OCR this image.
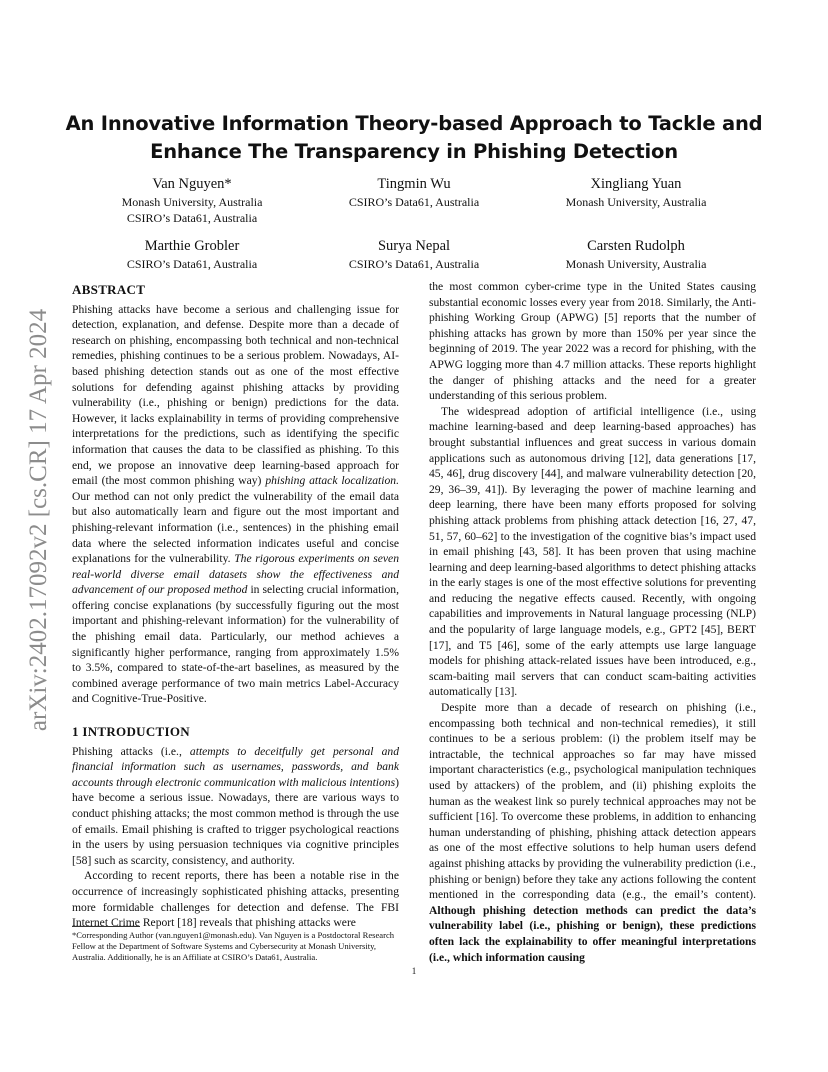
An Innovative Information Theory-based Approach to Tackle and Enhance The Transparency in Phishing Detection
Van Nguyen*
Monash University, Australia
CSIRO’s Data61, Australia
Tingmin Wu
CSIRO’s Data61, Australia
Xingliang Yuan
Monash University, Australia
Marthie Grobler
CSIRO’s Data61, Australia
Surya Nepal
CSIRO’s Data61, Australia
Carsten Rudolph
Monash University, Australia
arXiv:2402.17092v2 [cs.CR] 17 Apr 2024
ABSTRACT

Phishing attacks have become a serious and challenging issue for detection, explanation, and defense. Despite more than a decade of research on phishing, encompassing both technical and non-technical remedies, phishing continues to be a serious problem. Nowadays, AI-based phishing detection stands out as one of the most effective solutions for defending against phishing attacks by providing vulnerability (i.e., phishing or benign) predictions for the data. However, it lacks explainability in terms of providing comprehensive interpretations for the predictions, such as identifying the specific information that causes the data to be classified as phishing. To this end, we propose an innovative deep learning-based approach for email (the most common phishing way) phishing attack localization. Our method can not only predict the vulnerability of the email data but also automatically learn and figure out the most important and phishing-relevant information (i.e., sentences) in the phishing email data where the selected information indicates useful and concise explanations for the vulnerability. The rigorous experiments on seven real-world diverse email datasets show the effectiveness and advancement of our proposed method in selecting crucial information, offering concise explanations (by successfully figuring out the most important and phishing-relevant information) for the vulnerability of the phishing email data. Particularly, our method achieves a significantly higher performance, ranging from approximately 1.5% to 3.5%, compared to state-of-the-art baselines, as measured by the combined average performance of two main metrics Label-Accuracy and Cognitive-True-Positive.

1 INTRODUCTION

Phishing attacks (i.e., attempts to deceitfully get personal and financial information such as usernames, passwords, and bank accounts through electronic communication with malicious intentions) have become a serious issue. Nowadays, there are various ways to conduct phishing attacks; the most common method is through the use of emails. Email phishing is crafted to trigger psychological reactions in the users by using persuasion techniques via cognitive principles [58] such as scarcity, consistency, and authority.

According to recent reports, there has been a notable rise in the occurrence of increasingly sophisticated phishing attacks, presenting more formidable challenges for detection and defense. The FBI Internet Crime Report [18] reveals that phishing attacks were

the most common cyber-crime type in the United States causing substantial economic losses every year from 2018. Similarly, the Anti-phishing Working Group (APWG) [5] reports that the number of phishing attacks has grown by more than 150% per year since the beginning of 2019. The year 2022 was a record for phishing, with the APWG logging more than 4.7 million attacks. These reports highlight the danger of phishing attacks and the need for a greater understanding of this serious problem.

The widespread adoption of artificial intelligence (i.e., using machine learning-based and deep learning-based approaches) has brought substantial influences and great success in various domain applications such as autonomous driving [12], data generations [17, 45, 46], drug discovery [44], and malware vulnerability detection [20, 29, 36–39, 41]). By leveraging the power of machine learning and deep learning, there have been many efforts proposed for solving phishing attack problems from phishing attack detection [16, 27, 47, 51, 57, 60–62] to the investigation of the cognitive bias’s impact used in email phishing [43, 58]. It has been proven that using machine learning and deep learning-based algorithms to detect phishing attacks in the early stages is one of the most effective solutions for preventing and reducing the negative effects caused. Recently, with ongoing capabilities and improvements in Natural language processing (NLP) and the popularity of large language models, e.g., GPT2 [45], BERT [17], and T5 [46], some of the early attempts use large language models for phishing attack-related issues have been introduced, e.g., scam-baiting mail servers that can conduct scam-baiting activities automatically [13].

Despite more than a decade of research on phishing (i.e., encompassing both technical and non-technical remedies), it still continues to be a serious problem: (i) the problem itself may be intractable, the technical approaches so far may have missed important characteristics (e.g., psychological manipulation techniques used by attackers) of the problem, and (ii) phishing exploits the human as the weakest link so purely technical approaches may not be sufficient [16]. To overcome these problems, in addition to enhancing human understanding of phishing, phishing attack detection appears as one of the most effective solutions to help human users defend against phishing attacks by providing the vulnerability prediction (i.e., phishing or benign) before they take any actions following the content mentioned in the corresponding data (e.g., the email’s content). Although phishing detection methods can predict the data’s vulnerability label (i.e., phishing or benign), these predictions often lack the explainability to offer meaningful interpretations (i.e., which information causing

*Corresponding Author (van.nguyen1@monash.edu). Van Nguyen is a Postdoctoral Research Fellow at the Department of Software Systems and Cybersecurity at Monash University, Australia. Additionally, he is an Affiliate at CSIRO’s Data61, Australia.
1
